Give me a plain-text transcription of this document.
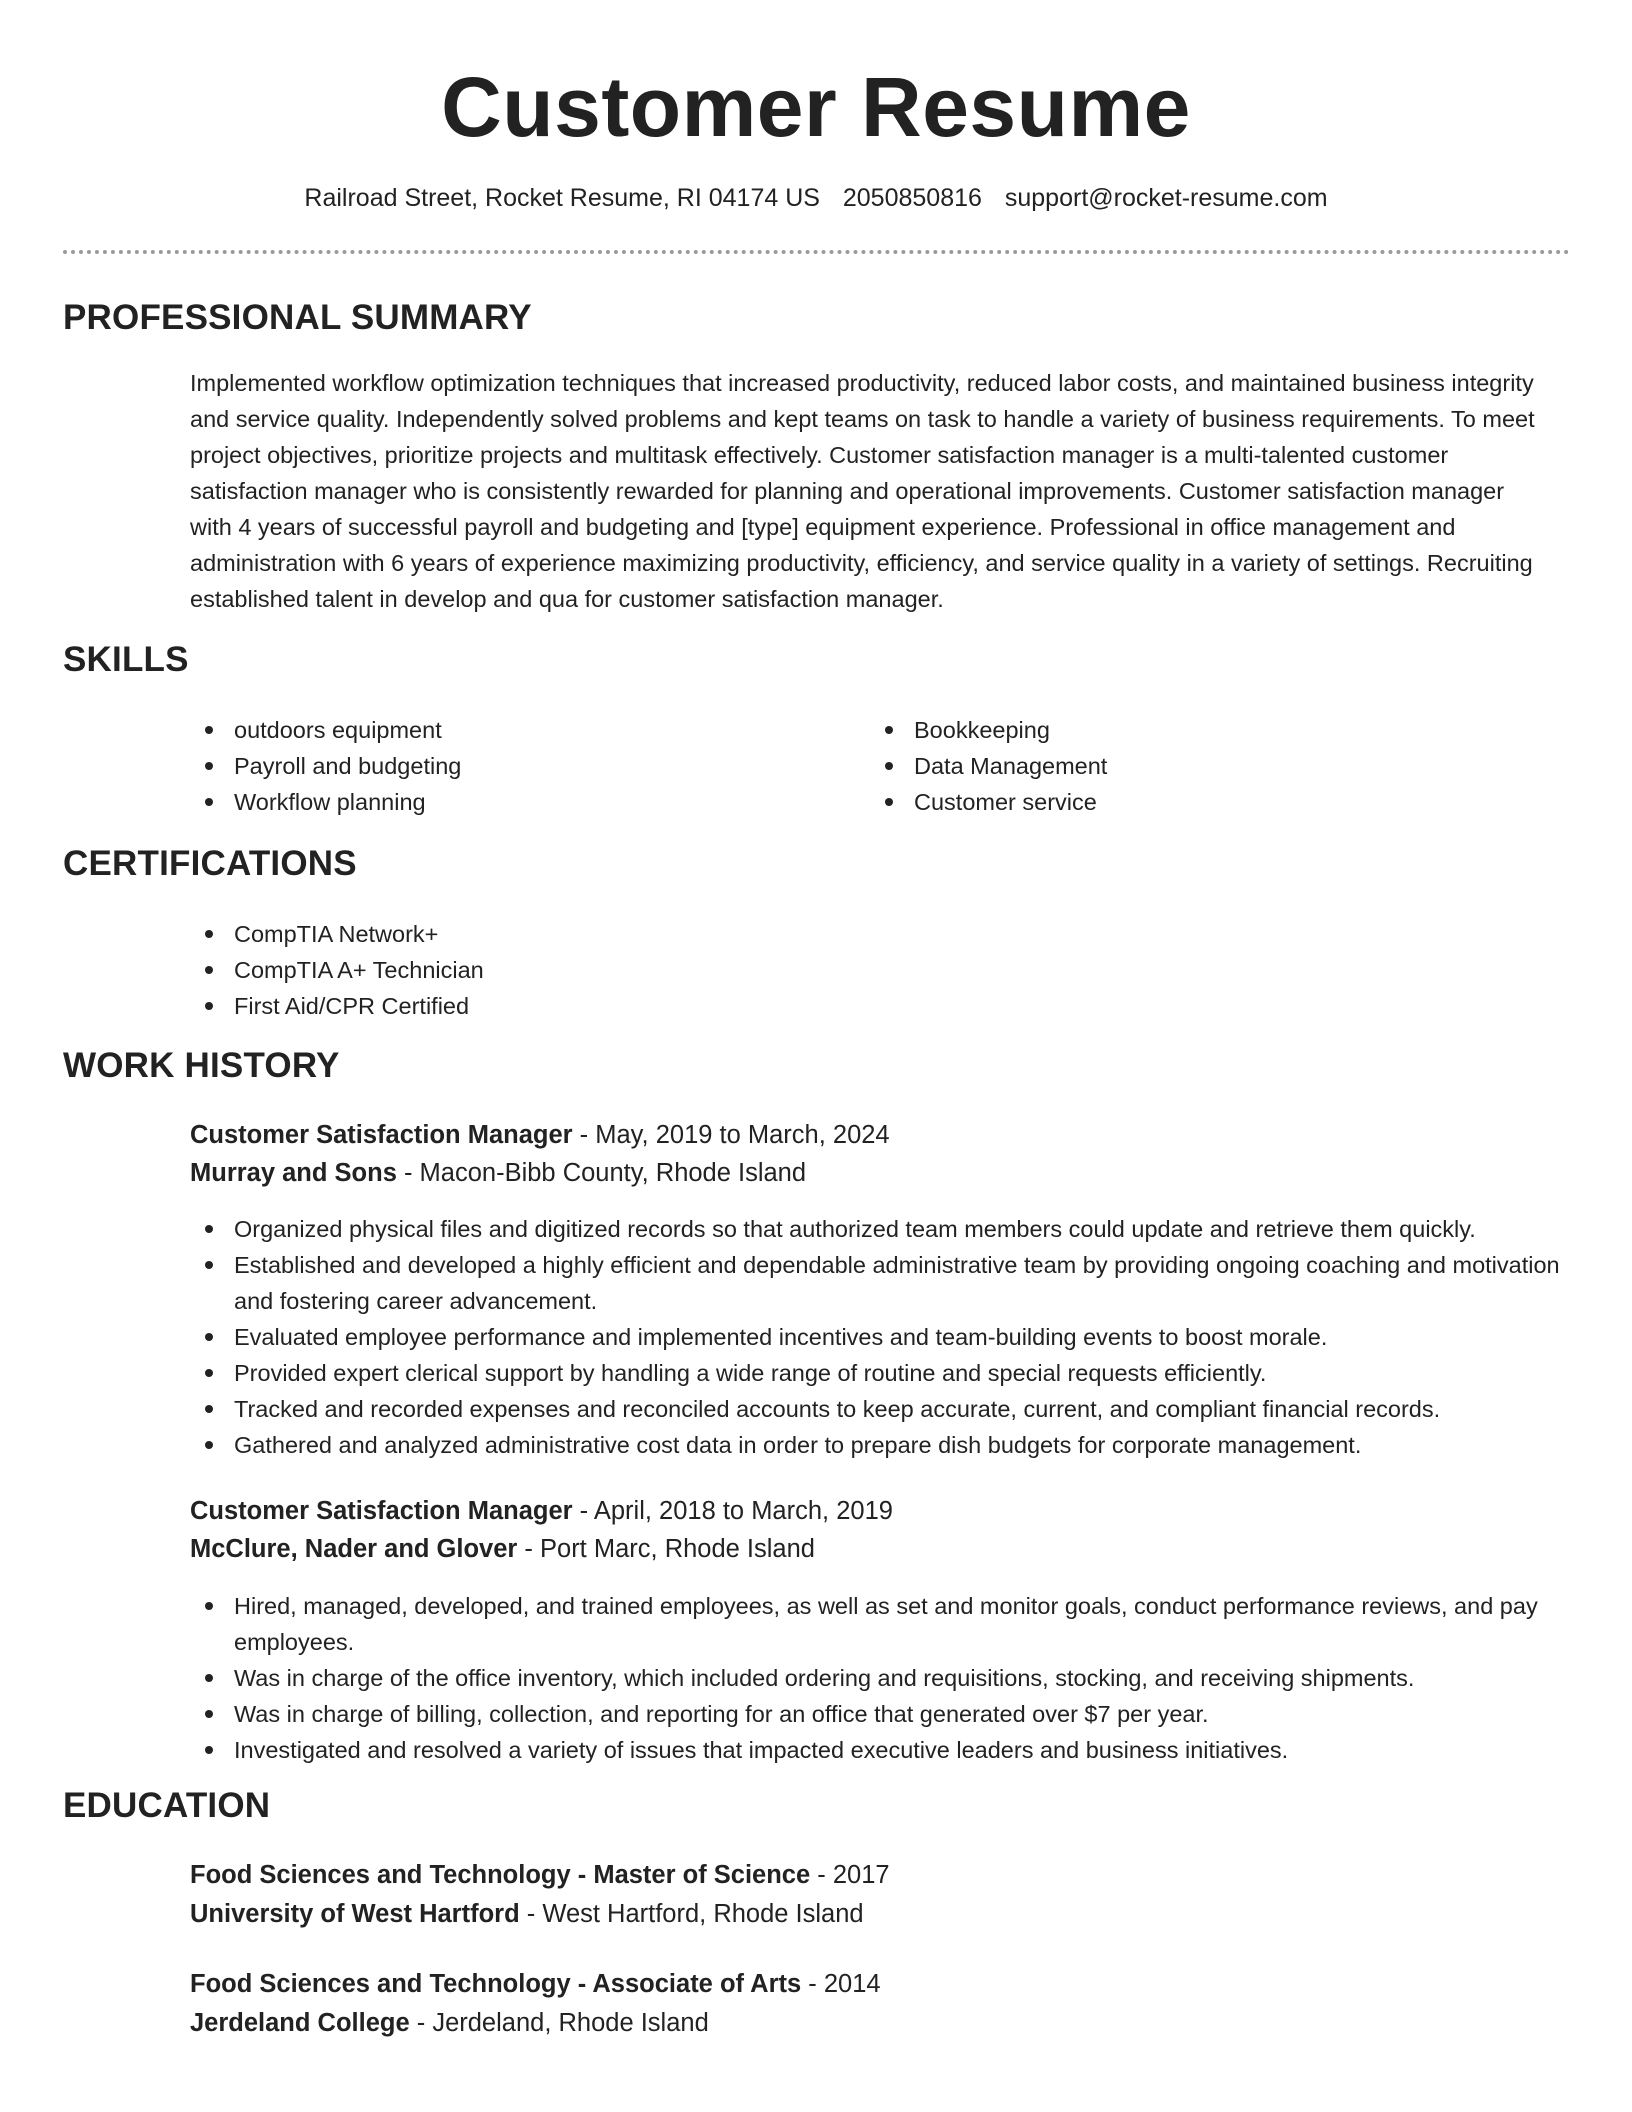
Customer Resume
Railroad Street, Rocket Resume, RI 04174 US 2050850816 support@rocket-resume.com
PROFESSIONAL SUMMARY

Implemented workflow optimization techniques that increased productivity, reduced labor costs, and maintained business integrity and service quality. Independently solved problems and kept teams on task to handle a variety of business requirements. To meet project objectives, prioritize projects and multitask effectively. Customer satisfaction manager is a multi-talented customer satisfaction manager who is consistently rewarded for planning and operational improvements. Customer satisfaction manager with 4 years of successful payroll and budgeting and [type] equipment experience. Professional in office management and administration with 6 years of experience maximizing productivity, efficiency, and service quality in a variety of settings. Recruiting established talent in develop and qua for customer satisfaction manager.

SKILLS
outdoors equipment
Payroll and budgeting
Workflow planning
Bookkeeping
Data Management
Customer service
CERTIFICATIONS
CompTIA Network+
CompTIA A+ Technician
First Aid/CPR Certified
WORK HISTORY

Customer Satisfaction Manager - May, 2019 to March, 2024

Murray and Sons - Macon-Bibb County, Rhode Island

Organized physical files and digitized records so that authorized team members could update and retrieve them quickly.
Established and developed a highly efficient and dependable administrative team by providing ongoing coaching and motivation and fostering career advancement.
Evaluated employee performance and implemented incentives and team-building events to boost morale.
Provided expert clerical support by handling a wide range of routine and special requests efficiently.
Tracked and recorded expenses and reconciled accounts to keep accurate, current, and compliant financial records.
Gathered and analyzed administrative cost data in order to prepare dish budgets for corporate management.

Customer Satisfaction Manager - April, 2018 to March, 2019

McClure, Nader and Glover - Port Marc, Rhode Island

Hired, managed, developed, and trained employees, as well as set and monitor goals, conduct performance reviews, and pay employees.
Was in charge of the office inventory, which included ordering and requisitions, stocking, and receiving shipments.
Was in charge of billing, collection, and reporting for an office that generated over $7 per year.
Investigated and resolved a variety of issues that impacted executive leaders and business initiatives.
EDUCATION

Food Sciences and Technology - Master of Science - 2017

University of West Hartford - West Hartford, Rhode Island

Food Sciences and Technology - Associate of Arts - 2014

Jerdeland College - Jerdeland, Rhode Island
